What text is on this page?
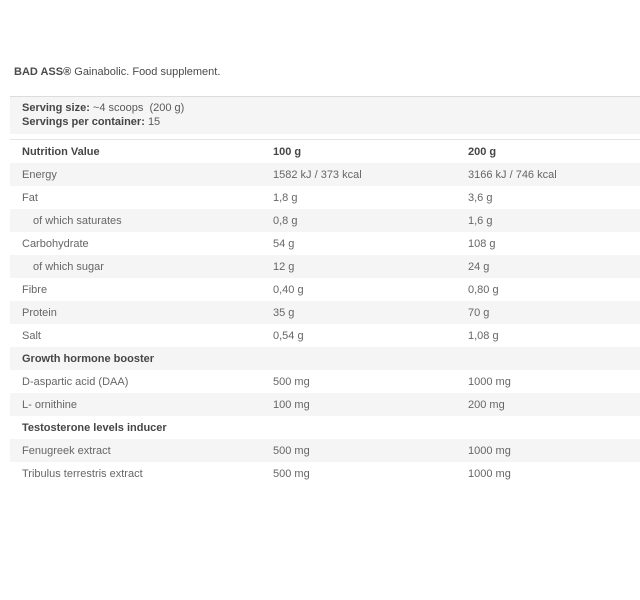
BAD ASS® Gainabolic. Food supplement.
Serving size: ~4 scoops  (200 g)
Servings per container: 15
Nutrition Value	100 g	200 g
Energy	1582 kJ / 373 kcal	3166 kJ / 746 kcal
Fat	1,8 g	3,6 g
of which saturates	0,8 g	1,6 g
Carbohydrate	54 g	108 g
of which sugar	12 g	24 g
Fibre	0,40 g	0,80 g
Protein	35 g	70 g
Salt	0,54 g	1,08 g
Growth hormone booster
D-aspartic acid (DAA)	500 mg	1000 mg
L- ornithine	100 mg	200 mg
Testosterone levels inducer
Fenugreek extract	500 mg	1000 mg
Tribulus terrestris extract	500 mg	1000 mg
